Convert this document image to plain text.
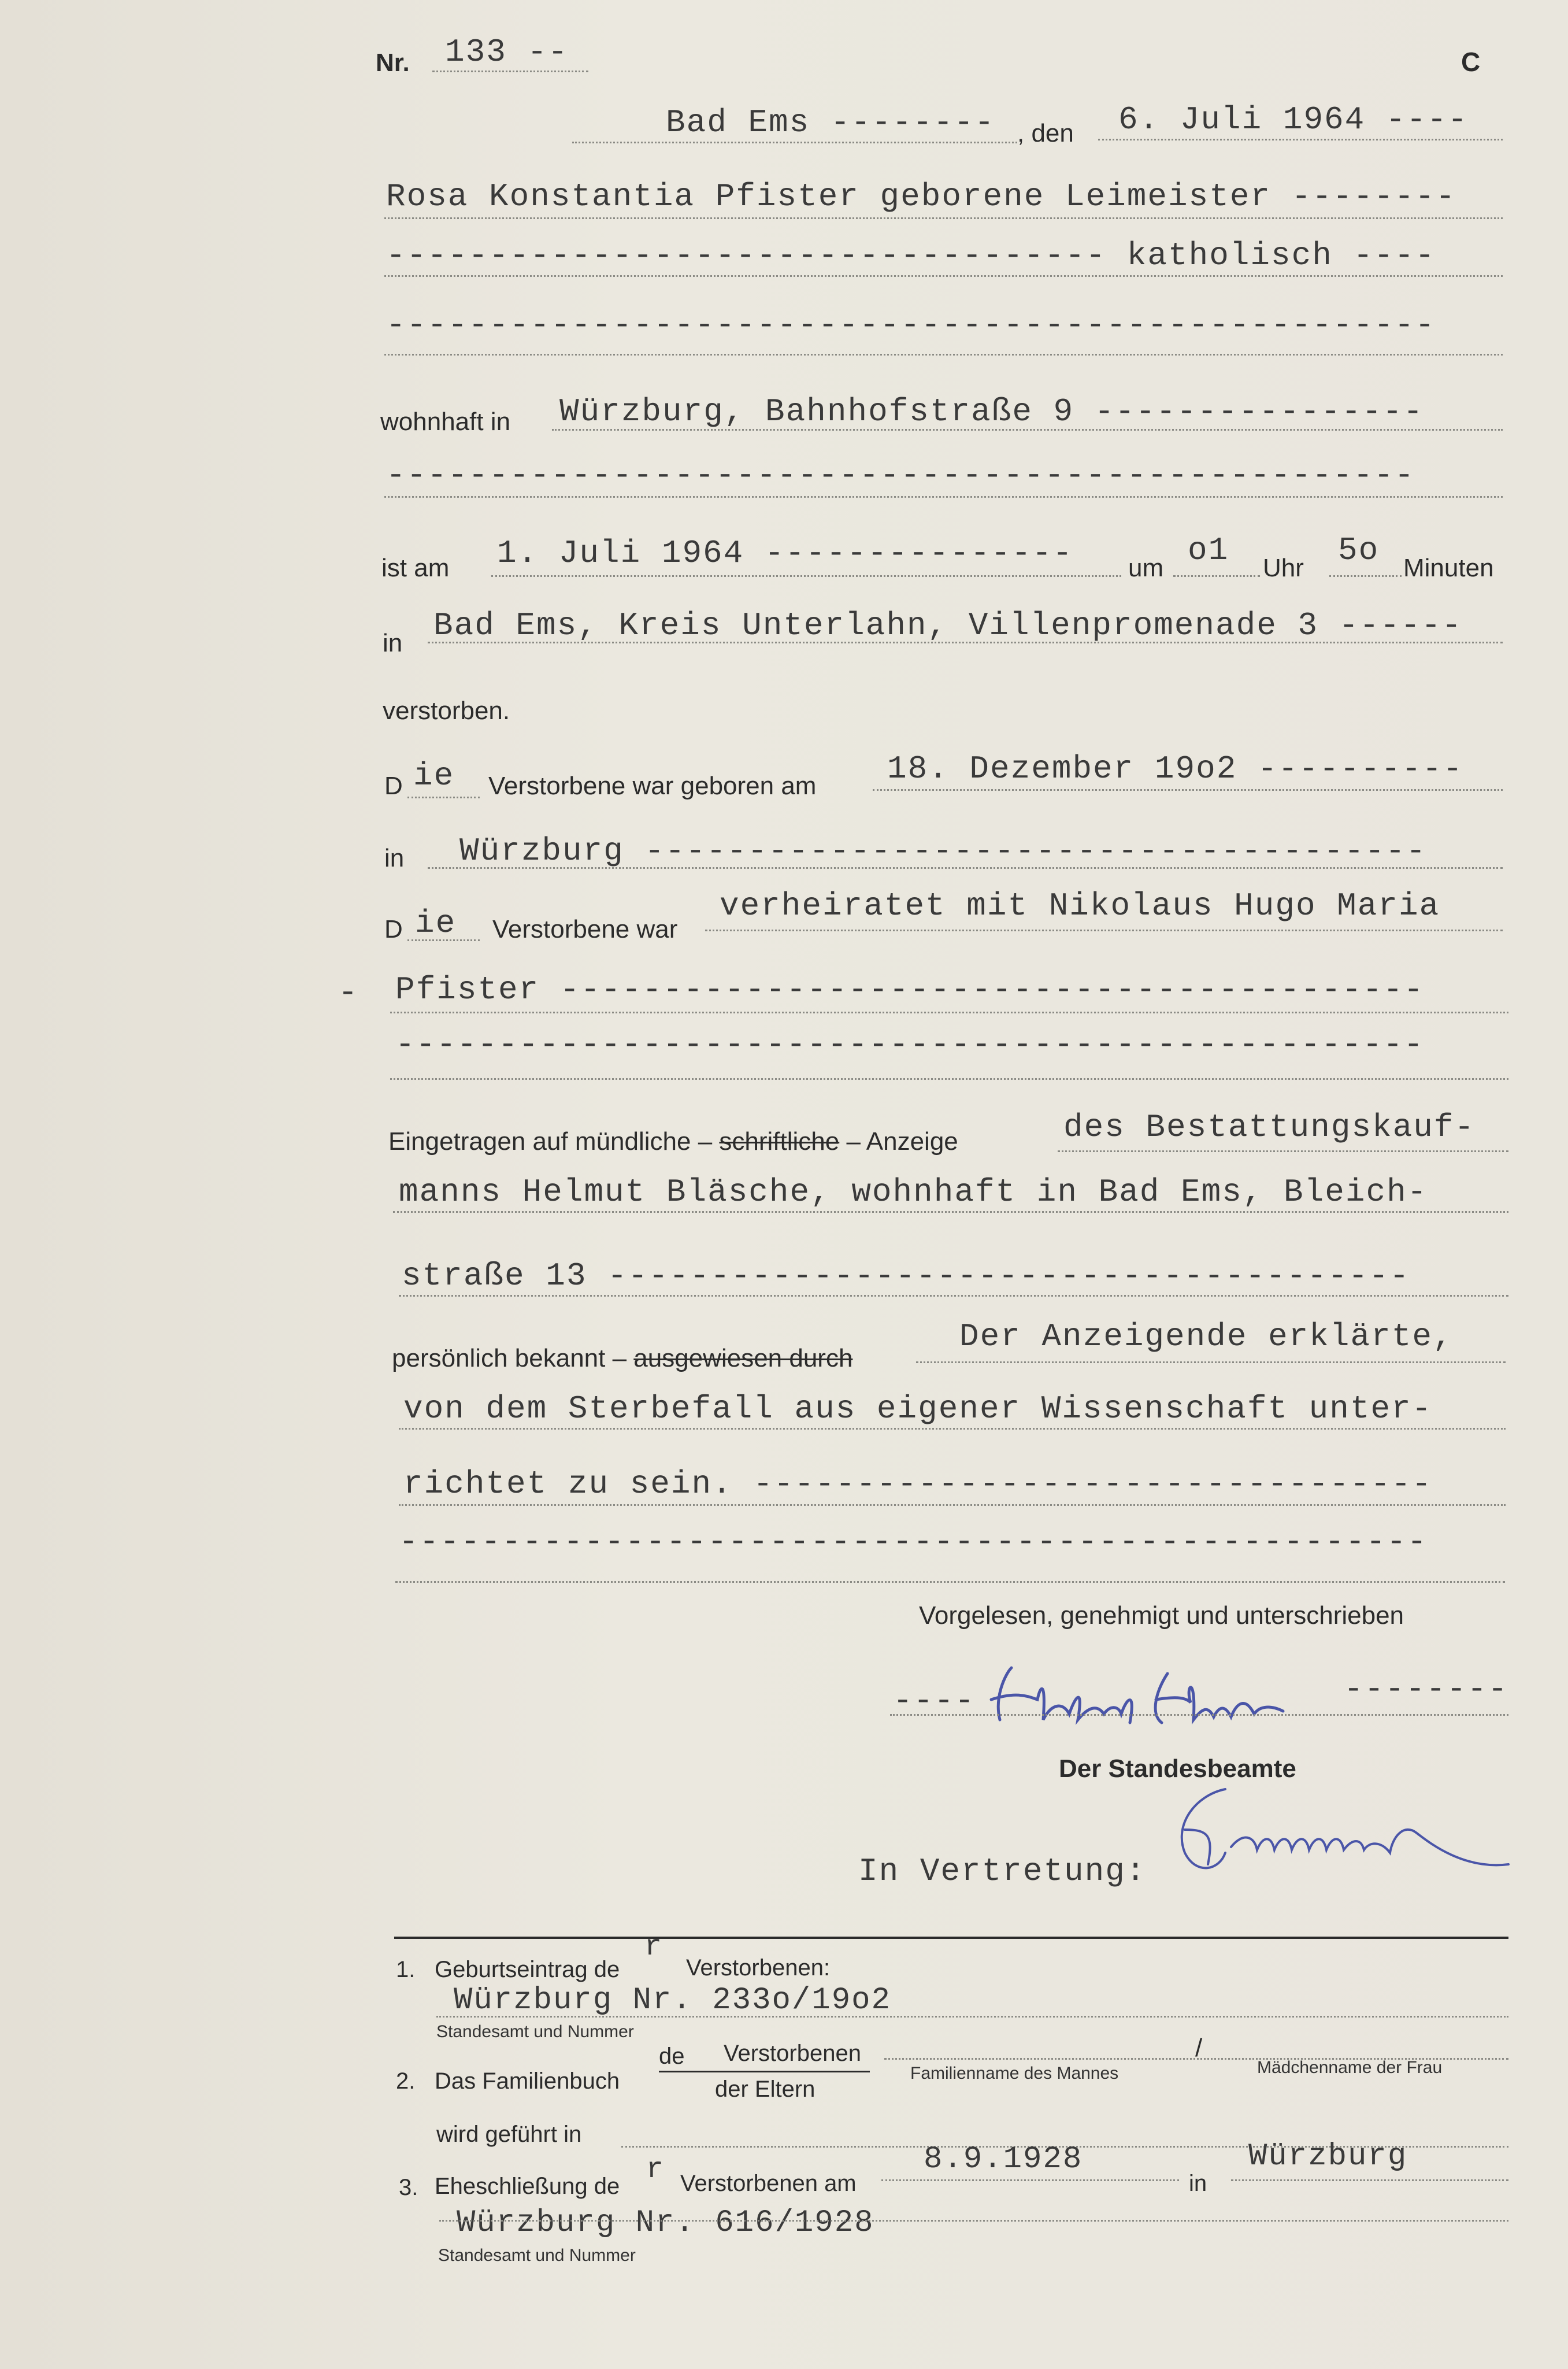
Nr. 133 --	C
Bad Ems -------- , den 6. Juli 1964 ----
Rosa Konstantia Pfister geborene Leimeister --------
----------------------------------- katholisch ----
---------------------------------------------------
wohnhaft in Würzburg, Bahnhofstraße 9 ----------------
--------------------------------------------------
ist am 1. Juli 1964 --------------- um o1 Uhr 5o Minuten
in Bad Ems, Kreis Unterlahn, Villenpromenade 3 ------
verstorben.
D ie Verstorbene war geboren am 18. Dezember 19o2 ----------
in Würzburg --------------------------------------
D ie Verstorbene war
verheiratet mit Nikolaus Hugo Maria
- Pfister ------------------------------------------
--------------------------------------------------
Eingetragen auf mündliche – schriftliche – Anzeige	des Bestattungskauf-
manns Helmut Bläsche, wohnhaft in Bad Ems, Bleich-
straße 13 ---------------------------------------
persönlich bekannt – ausgewiesen durch
Der Anzeigende erklärte,
von dem Sterbefall aus eigener Wissenschaft unter-
richtet zu sein. ---------------------------------
--------------------------------------------------
Vorgelesen, genehmigt und unterschrieben
----	--------
Der Standesbeamte
In Vertretung:
1. Geburtseintrag de
r
Verstorbenen:
Würzburg Nr. 233o/19o2
Standesamt und Nummer
2. Das Familienbuch
de Verstorbenen
der Eltern
Familienname des Mannes
/
Mädchenname der Frau
wird geführt in
3. Eheschließung de r Verstorbenen am
8.9.1928
in
Würzburg
Würzburg Nr. 616/1928
Standesamt und Nummer
